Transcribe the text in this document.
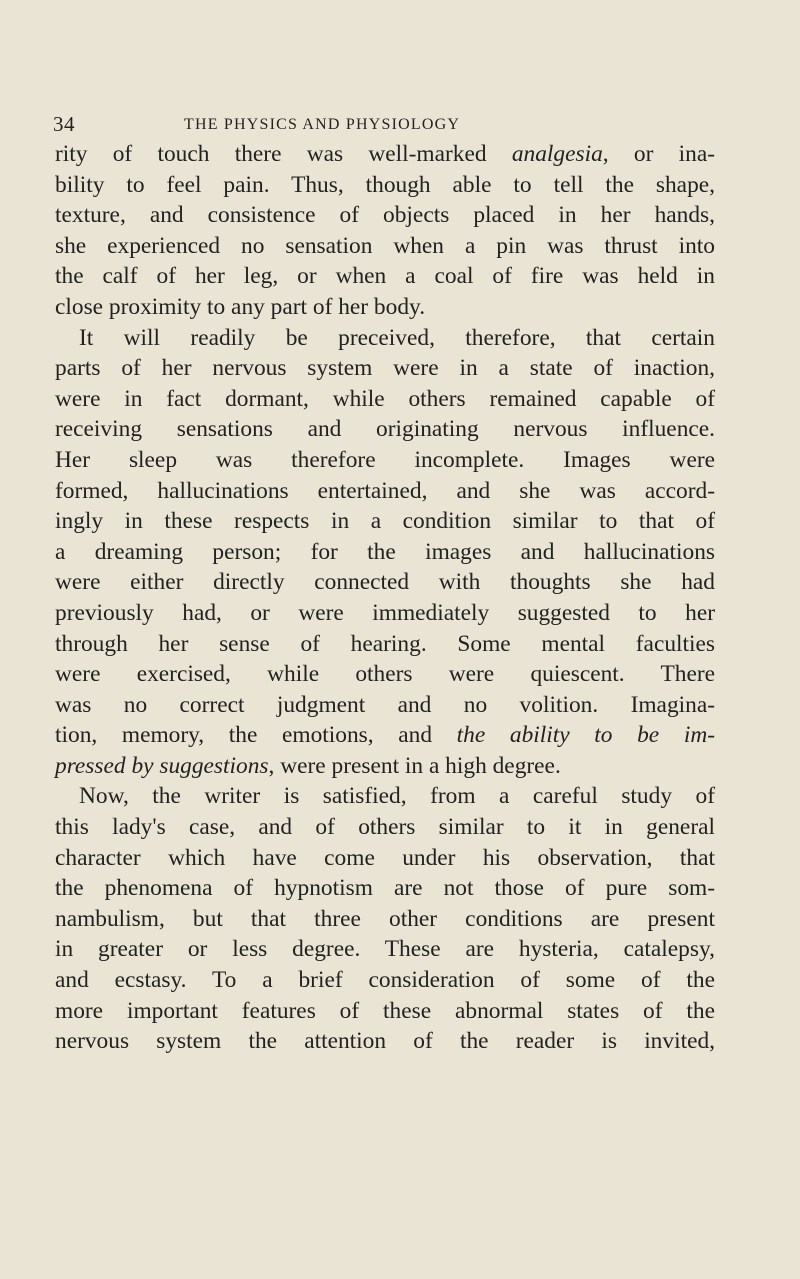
34	THE PHYSICS AND PHYSIOLOGY
rity of touch there was well-marked analgesia, or ina-
bility to feel pain. Thus, though able to tell the shape,
texture, and consistence of objects placed in her hands,
she experienced no sensation when a pin was thrust into
the calf of her leg, or when a coal of fire was held in
close proximity to any part of her body.
It will readily be preceived, therefore, that certain
parts of her nervous system were in a state of inaction,
were in fact dormant, while others remained capable of
receiving sensations and originating nervous influence.
Her sleep was therefore incomplete. Images were
formed, hallucinations entertained, and she was accord-
ingly in these respects in a condition similar to that of
a dreaming person; for the images and hallucinations
were either directly connected with thoughts she had
previously had, or were immediately suggested to her
through her sense of hearing. Some mental faculties
were exercised, while others were quiescent. There
was no correct judgment and no volition. Imagina-
tion, memory, the emotions, and the ability to be im-
pressed by suggestions, were present in a high degree.
Now, the writer is satisfied, from a careful study of
this lady's case, and of others similar to it in general
character which have come under his observation, that
the phenomena of hypnotism are not those of pure som-
nambulism, but that three other conditions are present
in greater or less degree. These are hysteria, catalepsy,
and ecstasy. To a brief consideration of some of the
more important features of these abnormal states of the
nervous system the attention of the reader is invited,
